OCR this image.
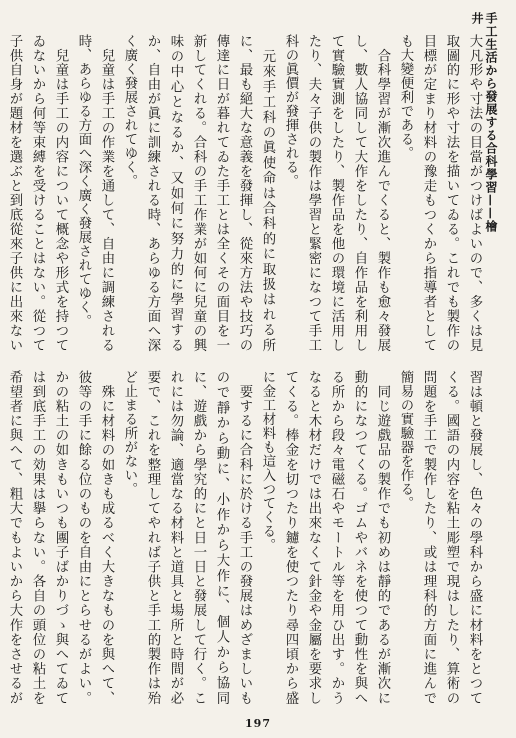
手工生活から發展する合科學習——檜井
大凡形や寸法の目當がつけばよいので、多くは見取圖的に形や寸法を描いてゐる。これでも製作の目標が定まり材料の豫走もつくから指導者としても大變便利である。
　合科學習が漸次進んでくると、製作も愈々發展し、數人協同して大作をしたり、自作品を利用して實驗實測をしたり、製作品を他の環境に活用したり、夫々子供の製作は學習と緊密になつて手工科の眞價が發揮される。
　元來手工科の眞使命は合科的に取扱はれる所に、最も絕大な意義を發揮し、從來方法や技巧の傳達に日が暮れてゐた手工とは全くその面目を一新してくれる。合科の手工作業が如何に兒童の興味の中心となるか、又如何に努力的に學習するか、自由が眞に訓練される時、あらゆる方面へ深く廣く發展されてゆく。
　兒童は手工の作業を通して、自由に調練される時、あらゆる方面へ深く廣く發展されてゆく。
　兒童は手工の内容について概念や形式を持つてゐないから何等束縛を受けることはない。從つて子供自身が題材を選ぶと到底從來子供に出來ない

習は頓と發展し、色々の學科から盛に材料をとつてくる。國語の内容を粘土彫塑で現はしたり、算術の問題を手工で製作したり、或は理科的方面に進んで簡易の實驗器を作る。
　同じ遊戲品の製作でも初めは靜的であるが漸次に動的になつてくる。ゴムやバネを使つて動性を與へる所から段々電磁石やモートル等を用ひ出す。かうなると木材だけでは出來なくて針金や金屬を要求してくる。棒金を切つたり鑢を使つたり尋四頃から盛に金工材料も這入つてくる。
　要するに合科に於ける手工の發展はめざましいもので靜から動に、小作から大作に、個人から協同に、遊戲から學究的にと日一日と發展して行く。これには勿論、適當なる材料と道具と場所と時間が必要で、これを整理してやれば子供と手工的製作は殆ど止まる所がない。
　殊に材料の如きも成るべく大きなものを與へて、彼等の手に餘る位のものを自由にとらせるがよい。かの粘土の如きもいつも團子ばかりづゝ與へてゐては到底手工の効果は擧らない。各自の頭位の粘土を希望者に與へて、粗大でもよいから大作をさせるが
197
